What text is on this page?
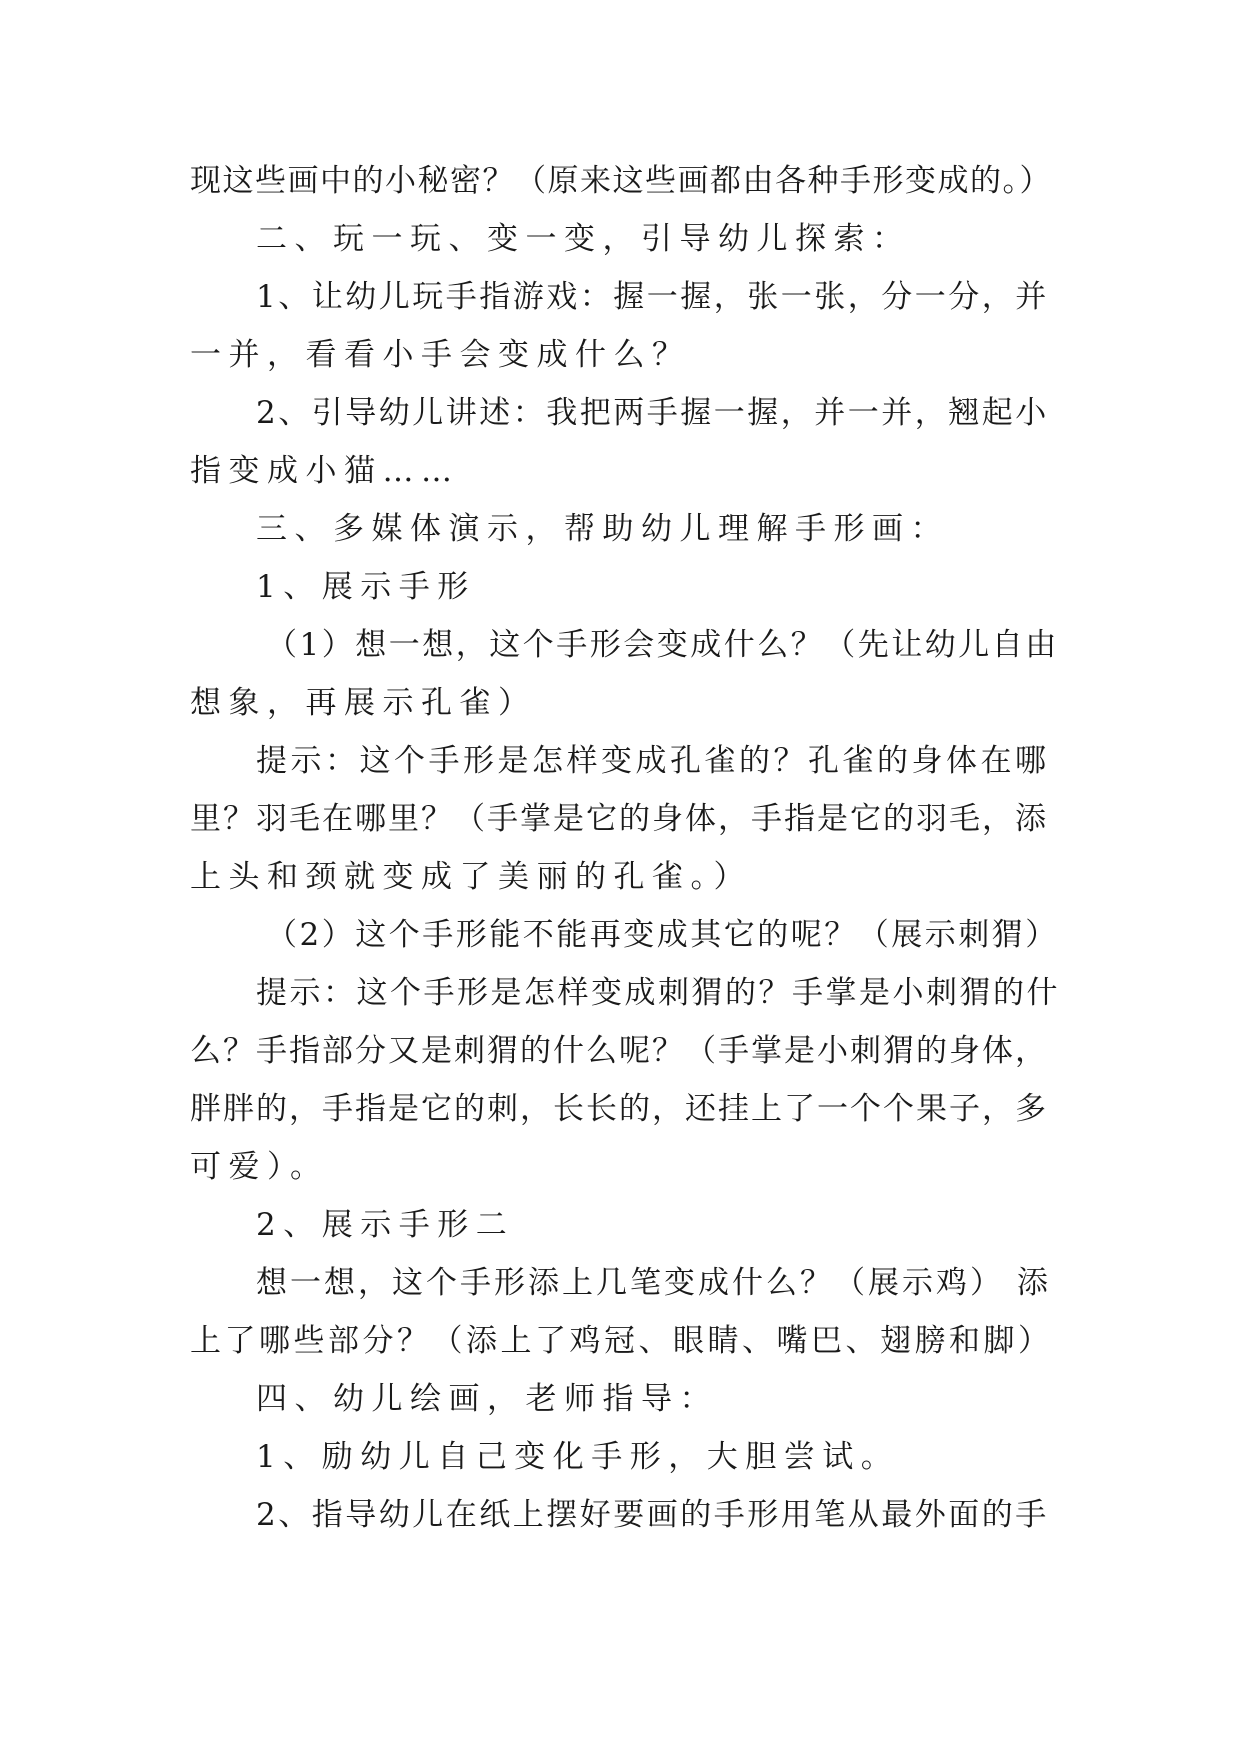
现这些画中的小秘密？（原来这些画都由各种手形变成的。）
二、玩一玩、变一变，引导幼儿探索：
1、让幼儿玩手指游戏：握一握，张一张，分一分，并
一并，看看小手会变成什么？
2、引导幼儿讲述：我把两手握一握，并一并，翘起小
指变成小猫……
三、多媒体演示，帮助幼儿理解手形画：
1、展示手形
（1）想一想，这个手形会变成什么？（先让幼儿自由
想象，再展示孔雀）
提示：这个手形是怎样变成孔雀的？孔雀的身体在哪
里？羽毛在哪里？（手掌是它的身体，手指是它的羽毛，添
上头和颈就变成了美丽的孔雀。）
（2）这个手形能不能再变成其它的呢？（展示刺猬）
提示：这个手形是怎样变成刺猬的？手掌是小刺猬的什
么？手指部分又是刺猬的什么呢？（手掌是小刺猬的身体，
胖胖的，手指是它的刺，长长的，还挂上了一个个果子，多
可爱）。
2、展示手形二
想一想，这个手形添上几笔变成什么？（展示鸡） 添
上了哪些部分？（添上了鸡冠、眼睛、嘴巴、翅膀和脚）
四、幼儿绘画，老师指导：
1、励幼儿自己变化手形，大胆尝试。
2、指导幼儿在纸上摆好要画的手形用笔从最外面的手
